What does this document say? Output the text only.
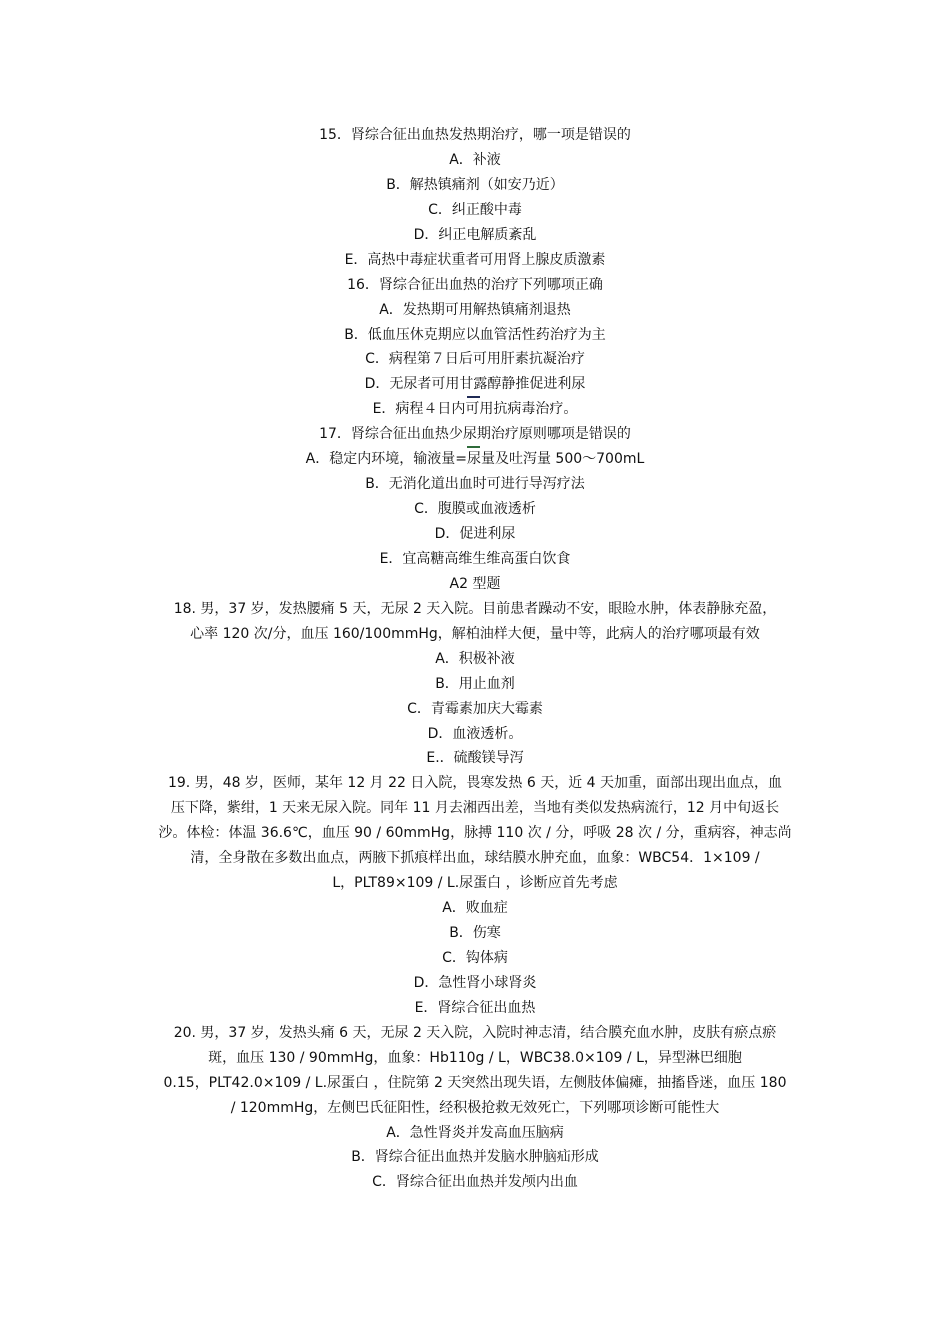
15．肾综合征出血热发热期治疗，哪一项是错误的
A．补液
B．解热镇痛剂（如安乃近）
C．纠正酸中毒
D．纠正电解质紊乱
E．高热中毒症状重者可用肾上腺皮质激素
16．肾综合征出血热的治疗下列哪项正确
A．发热期可用解热镇痛剂退热
B．低血压休克期应以血管活性药治疗为主
C．病程第７日后可用肝素抗凝治疗
D．无尿者可用甘露醇静推促进利尿
E．病程４日内可用抗病毒治疗。
17．肾综合征出血热少尿期治疗原则哪项是错误的
A．稳定内环境，输液量=尿量及吐泻量 500～700mL
B．无消化道出血时可进行导泻疗法
C．腹膜或血液透析
D．促进利尿
E．宜高糖高维生维高蛋白饮食
A2 型题
18. 男，37 岁，发热腰痛 5 天，无尿 2 天入院。目前患者躁动不安，眼睑水肿，体表静脉充盈，
心率 120 次/分，血压 160/100mmHg，解柏油样大便，量中等，此病人的治疗哪项最有效
A．积极补液
B．用止血剂
C．青霉素加庆大霉素
D．血液透析。
E.．硫酸镁导泻
19. 男，48 岁，医师，某年 12 月 22 日入院，畏寒发热 6 天，近 4 天加重，面部出现出血点，血
压下降，紫绀，1 天来无尿入院。同年 11 月去湘西出差，当地有类似发热病流行，12 月中旬返长
沙。体检：体温 36.6℃，血压 90 / 60mmHg，脉搏 110 次 / 分，呼吸 28 次 / 分，重病容，神志尚
清，全身散在多数出血点，两腋下抓痕样出血，球结膜水肿充血，血象：WBC54．1×109 /
L，PLT89×109 / L.尿蛋白 ，诊断应首先考虑
A．败血症
B．伤寒
C．钩体病
D．急性肾小球肾炎
E．肾综合征出血热
20. 男，37 岁，发热头痛 6 天，无尿 2 天入院，入院时神志清，结合膜充血水肿，皮肤有瘀点瘀
斑，血压 130 / 90mmHg，血象：Hb110g / L，WBC38.0×109 / L，异型淋巴细胞
0.15，PLT42.0×109 / L.尿蛋白 ，住院第 2 天突然出现失语，左侧肢体偏瘫，抽搐昏迷，血压 180
/ 120mmHg，左侧巴氏征阳性，经积极抢救无效死亡，下列哪项诊断可能性大
A．急性肾炎并发高血压脑病
B．肾综合征出血热并发脑水肿脑疝形成
C．肾综合征出血热并发颅内出血
